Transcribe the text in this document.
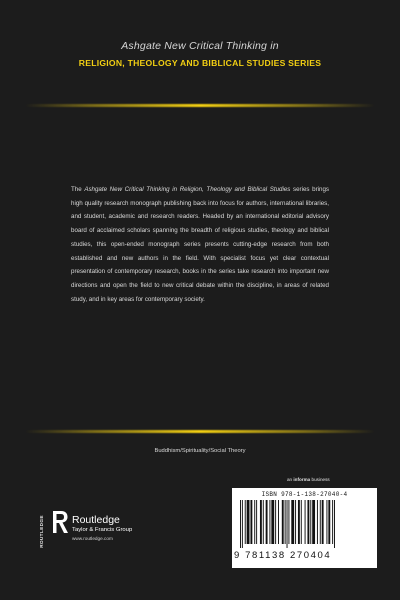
Ashgate New Critical Thinking in
RELIGION, THEOLOGY AND BIBLICAL STUDIES SERIES
The Ashgate New Critical Thinking in Religion, Theology and Biblical Studies series brings high quality research monograph publishing back into focus for authors, international libraries, and student, academic and research readers. Headed by an international editorial advisory board of acclaimed scholars spanning the breadth of religious studies, theology and biblical studies, this open-ended monograph series presents cutting-edge research from both established and new authors in the field. With specialist focus yet clear contextual presentation of contemporary research, books in the series take research into important new directions and open the field to new critical debate within the discipline, in areas of related study, and in key areas for contemporary society.
Buddhism/Spirituality/Social Theory
an informa business
ISBN 978-1-138-27040-4
9 781138 270404
ROUTLEDGE	Routledge
Taylor & Francis Group
www.routledge.com
